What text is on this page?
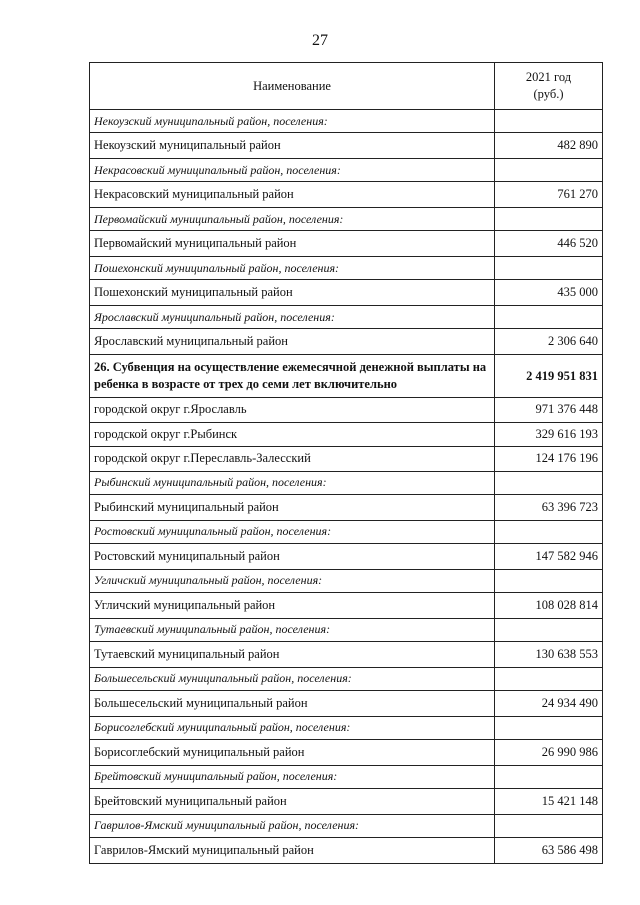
27
Наименование	2021 год
(руб.)
Некоузский муниципальный район, поселения:	
Некоузский муниципальный район	482 890
Некрасовский муниципальный район, поселения:	
Некрасовский муниципальный район	761 270
Первомайский муниципальный район, поселения:	
Первомайский муниципальный район	446 520
Пошехонский муниципальный район, поселения:	
Пошехонский муниципальный район	435 000
Ярославский муниципальный район, поселения:	
Ярославский муниципальный район	2 306 640
26. Субвенция на осуществление ежемесячной денежной выплаты на ребенка в возрасте от трех до семи лет включительно	2 419 951 831
городской округ г.Ярославль	971 376 448
городской округ г.Рыбинск	329 616 193
городской округ г.Переславль-Залесский	124 176 196
Рыбинский муниципальный район, поселения:	
Рыбинский муниципальный район	63 396 723
Ростовский муниципальный район, поселения:	
Ростовский муниципальный район	147 582 946
Угличский муниципальный район, поселения:	
Угличский муниципальный район	108 028 814
Тутаевский муниципальный район, поселения:	
Тутаевский муниципальный район	130 638 553
Большесельский муниципальный район, поселения:	
Большесельский муниципальный район	24 934 490
Борисоглебский муниципальный район, поселения:	
Борисоглебский муниципальный район	26 990 986
Брейтовский муниципальный район, поселения:	
Брейтовский муниципальный район	15 421 148
Гаврилов-Ямский муниципальный район, поселения:	
Гаврилов-Ямский муниципальный район	63 586 498
